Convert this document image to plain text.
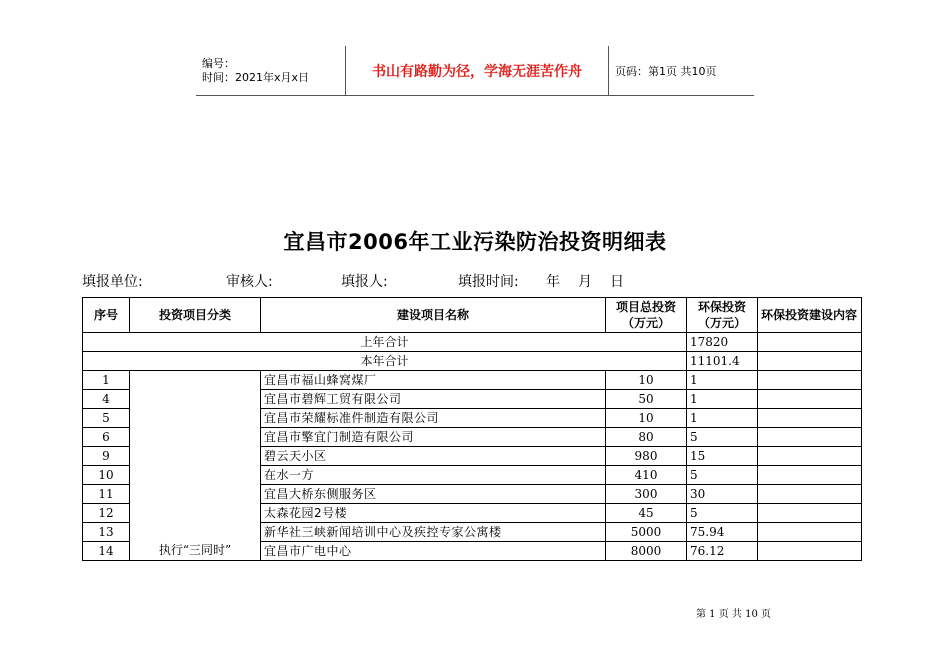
编号：
时间：2021年x月x日	书山有路勤为径，学海无涯苦作舟	页码：第1页 共10页
宜昌市2006年工业污染防治投资明细表
填报单位:	审核人:	填报人:	填报时间: 年 月 日
序号	投资项目分类	建设项目名称	项目总投资（万元）	环保投资（万元）	环保投资建设内容
上年合计				17820	
本年合计				11101.4	
1	执行“三同时”	宜昌市福山蜂窝煤厂	10	1	
4		宜昌市碧辉工贸有限公司	50	1	
5		宜昌市荣耀标准件制造有限公司	10	1	
6		宜昌市擎宜门制造有限公司	80	5	
9		碧云天小区	980	15	
10		在水一方	410	5	
11		宜昌大桥东侧服务区	300	30	
12		太森花园2号楼	45	5	
13		新华社三峡新闻培训中心及疾控专家公寓楼	5000	75.94	
14		宜昌市广电中心	8000	76.12	
第 1 页 共 10 页
